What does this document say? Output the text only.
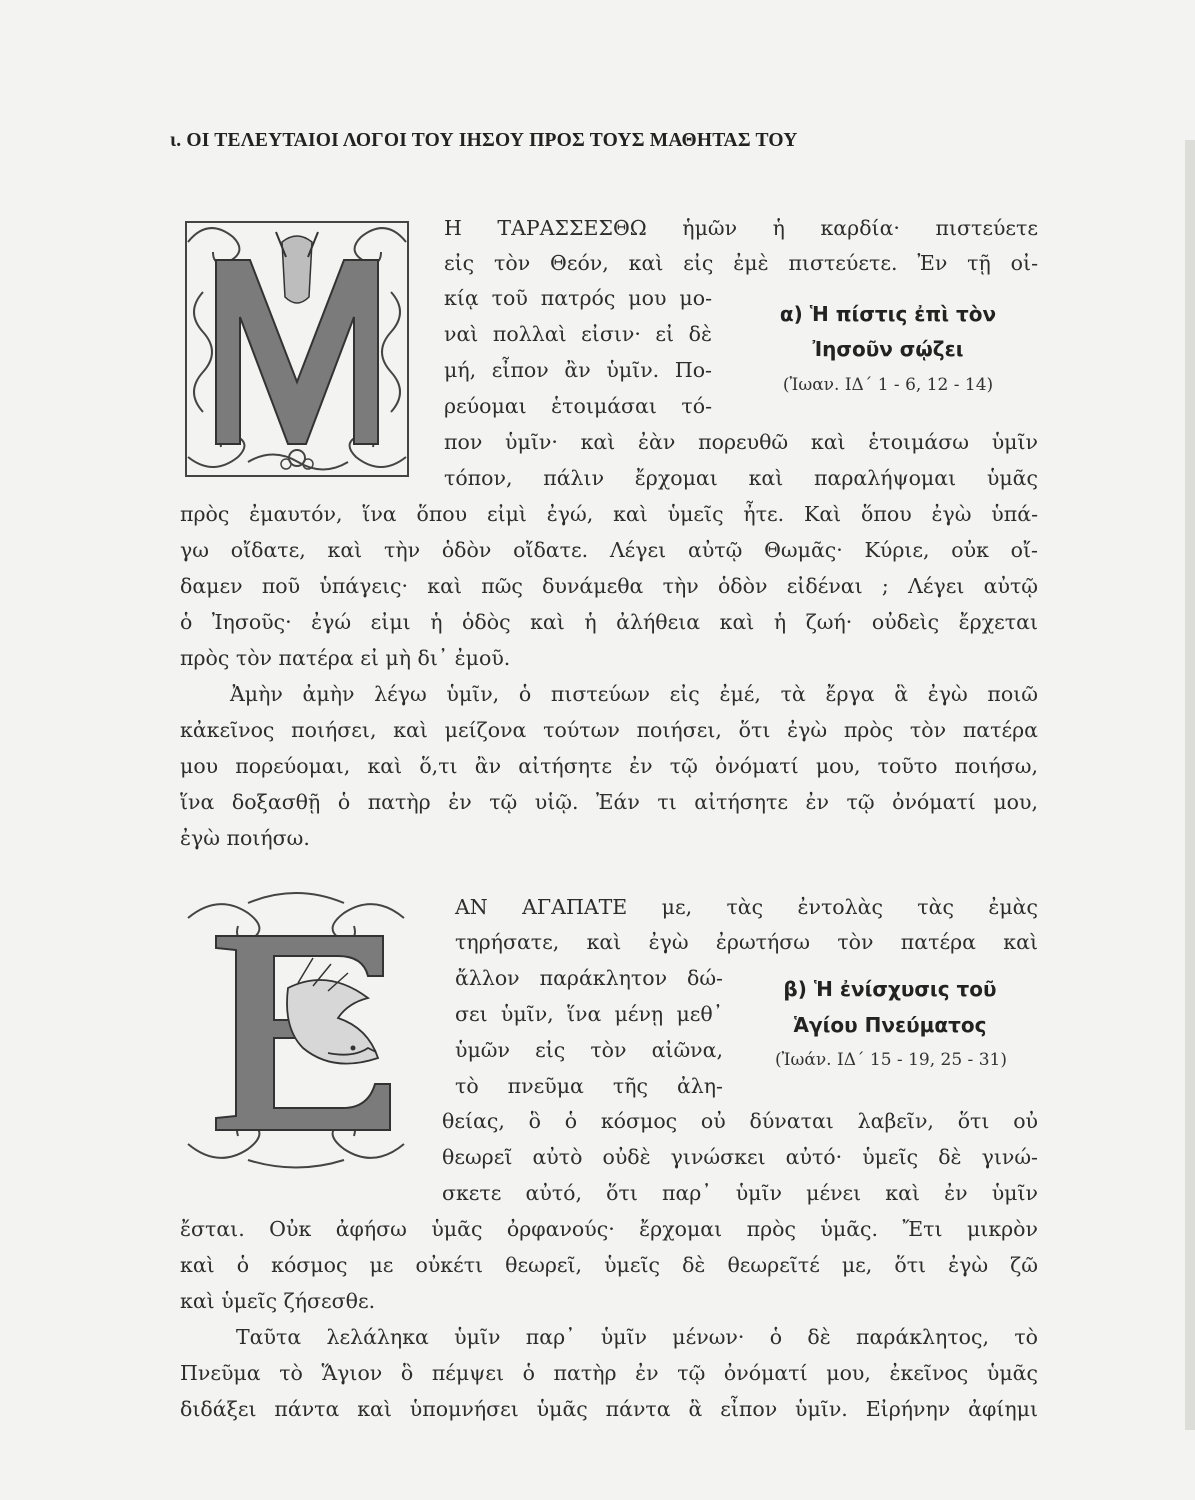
ι. ΟΙ ΤΕΛΕΥΤΑΙΟΙ ΛΟΓΟΙ ΤΟΥ ΙΗΣΟΥ ΠΡΟΣ ΤΟΥΣ ΜΑΘΗΤΑΣ ΤΟΥ
Η ΤΑΡΑΣΣΕΣΘΩ ἡμῶν ἡ καρδία· πιστεύετε
εἰς τὸν Θεόν, καὶ εἰς ἐμὲ πιστεύετε. Ἐν τῇ οἰ-
κίᾳ τοῦ πατρός μου μο-
ναὶ πολλαὶ εἰσιν· εἰ δὲ
μή, εἶπον ἂν ὑμῖν. Πο-
ρεύομαι ἑτοιμάσαι τό-
α) Ἡ πίστις ἐπὶ τὸν
Ἰησοῦν σῴζει
(Ἰωαν. ΙΔ΄ 1 - 6, 12 - 14)
πον ὑμῖν· καὶ ἐὰν πορευθῶ καὶ ἑτοιμάσω ὑμῖν
τόπον, πάλιν ἔρχομαι καὶ παραλήψομαι ὑμᾶς
πρὸς ἐμαυτόν, ἵνα ὅπου εἰμὶ ἐγώ, καὶ ὑμεῖς ἦτε. Καὶ ὅπου ἐγὼ ὑπά-
γω οἴδατε, καὶ τὴν ὁδὸν οἴδατε. Λέγει αὐτῷ Θωμᾶς· Κύριε, οὐκ οἴ-
δαμεν ποῦ ὑπάγεις· καὶ πῶς δυνάμεθα τὴν ὁδὸν εἰδέναι ; Λέγει αὐτῷ
ὁ Ἰησοῦς· ἐγώ εἰμι ἡ ὁδὸς καὶ ἡ ἀλήθεια καὶ ἡ ζωή· οὐδεὶς ἔρχεται
πρὸς τὸν πατέρα εἰ μὴ δι᾿ ἐμοῦ.
Ἀμὴν ἀμὴν λέγω ὑμῖν, ὁ πιστεύων εἰς ἐμέ, τὰ ἔργα ἃ ἐγὼ ποιῶ
κἀκεῖνος ποιήσει, καὶ μείζονα τούτων ποιήσει, ὅτι ἐγὼ πρὸς τὸν πατέρα
μου πορεύομαι, καὶ ὅ,τι ἂν αἰτήσητε ἐν τῷ ὀνόματί μου, τοῦτο ποιήσω,
ἵνα δοξασθῇ ὁ πατὴρ ἐν τῷ υἱῷ. Ἐάν τι αἰτήσητε ἐν τῷ ὀνόματί μου,
ἐγὼ ποιήσω.
ΑΝ ΑΓΑΠΑΤΕ με, τὰς ἐντολὰς τὰς ἐμὰς
τηρήσατε, καὶ ἐγὼ ἐρωτήσω τὸν πατέρα καὶ
ἄλλον παράκλητον δώ-
σει ὑμῖν, ἵνα μένῃ μεθ᾿
ὑμῶν εἰς τὸν αἰῶνα,
τὸ πνεῦμα τῆς ἀλη-
β) Ἡ ἐνίσχυσις τοῦ
Ἁγίου Πνεύματος
(Ἰωάν. ΙΔ΄ 15 - 19, 25 - 31)
θείας, ὃ ὁ κόσμος οὐ δύναται λαβεῖν, ὅτι οὐ
θεωρεῖ αὐτὸ οὐδὲ γινώσκει αὐτό· ὑμεῖς δὲ γινώ-
σκετε αὐτό, ὅτι παρ᾿ ὑμῖν μένει καὶ ἐν ὑμῖν
ἔσται. Οὐκ ἀφήσω ὑμᾶς ὀρφανούς· ἔρχομαι πρὸς ὑμᾶς. Ἔτι μικρὸν
καὶ ὁ κόσμος με οὐκέτι θεωρεῖ, ὑμεῖς δὲ θεωρεῖτέ με, ὅτι ἐγὼ ζῶ
καὶ ὑμεῖς ζήσεσθε.
Ταῦτα λελάληκα ὑμῖν παρ᾿ ὑμῖν μένων· ὁ δὲ παράκλητος, τὸ
Πνεῦμα τὸ Ἅγιον ὃ πέμψει ὁ πατὴρ ἐν τῷ ὀνόματί μου, ἐκεῖνος ὑμᾶς
διδάξει πάντα καὶ ὑπομνήσει ὑμᾶς πάντα ἃ εἶπον ὑμῖν. Εἰρήνην ἀφίημι
